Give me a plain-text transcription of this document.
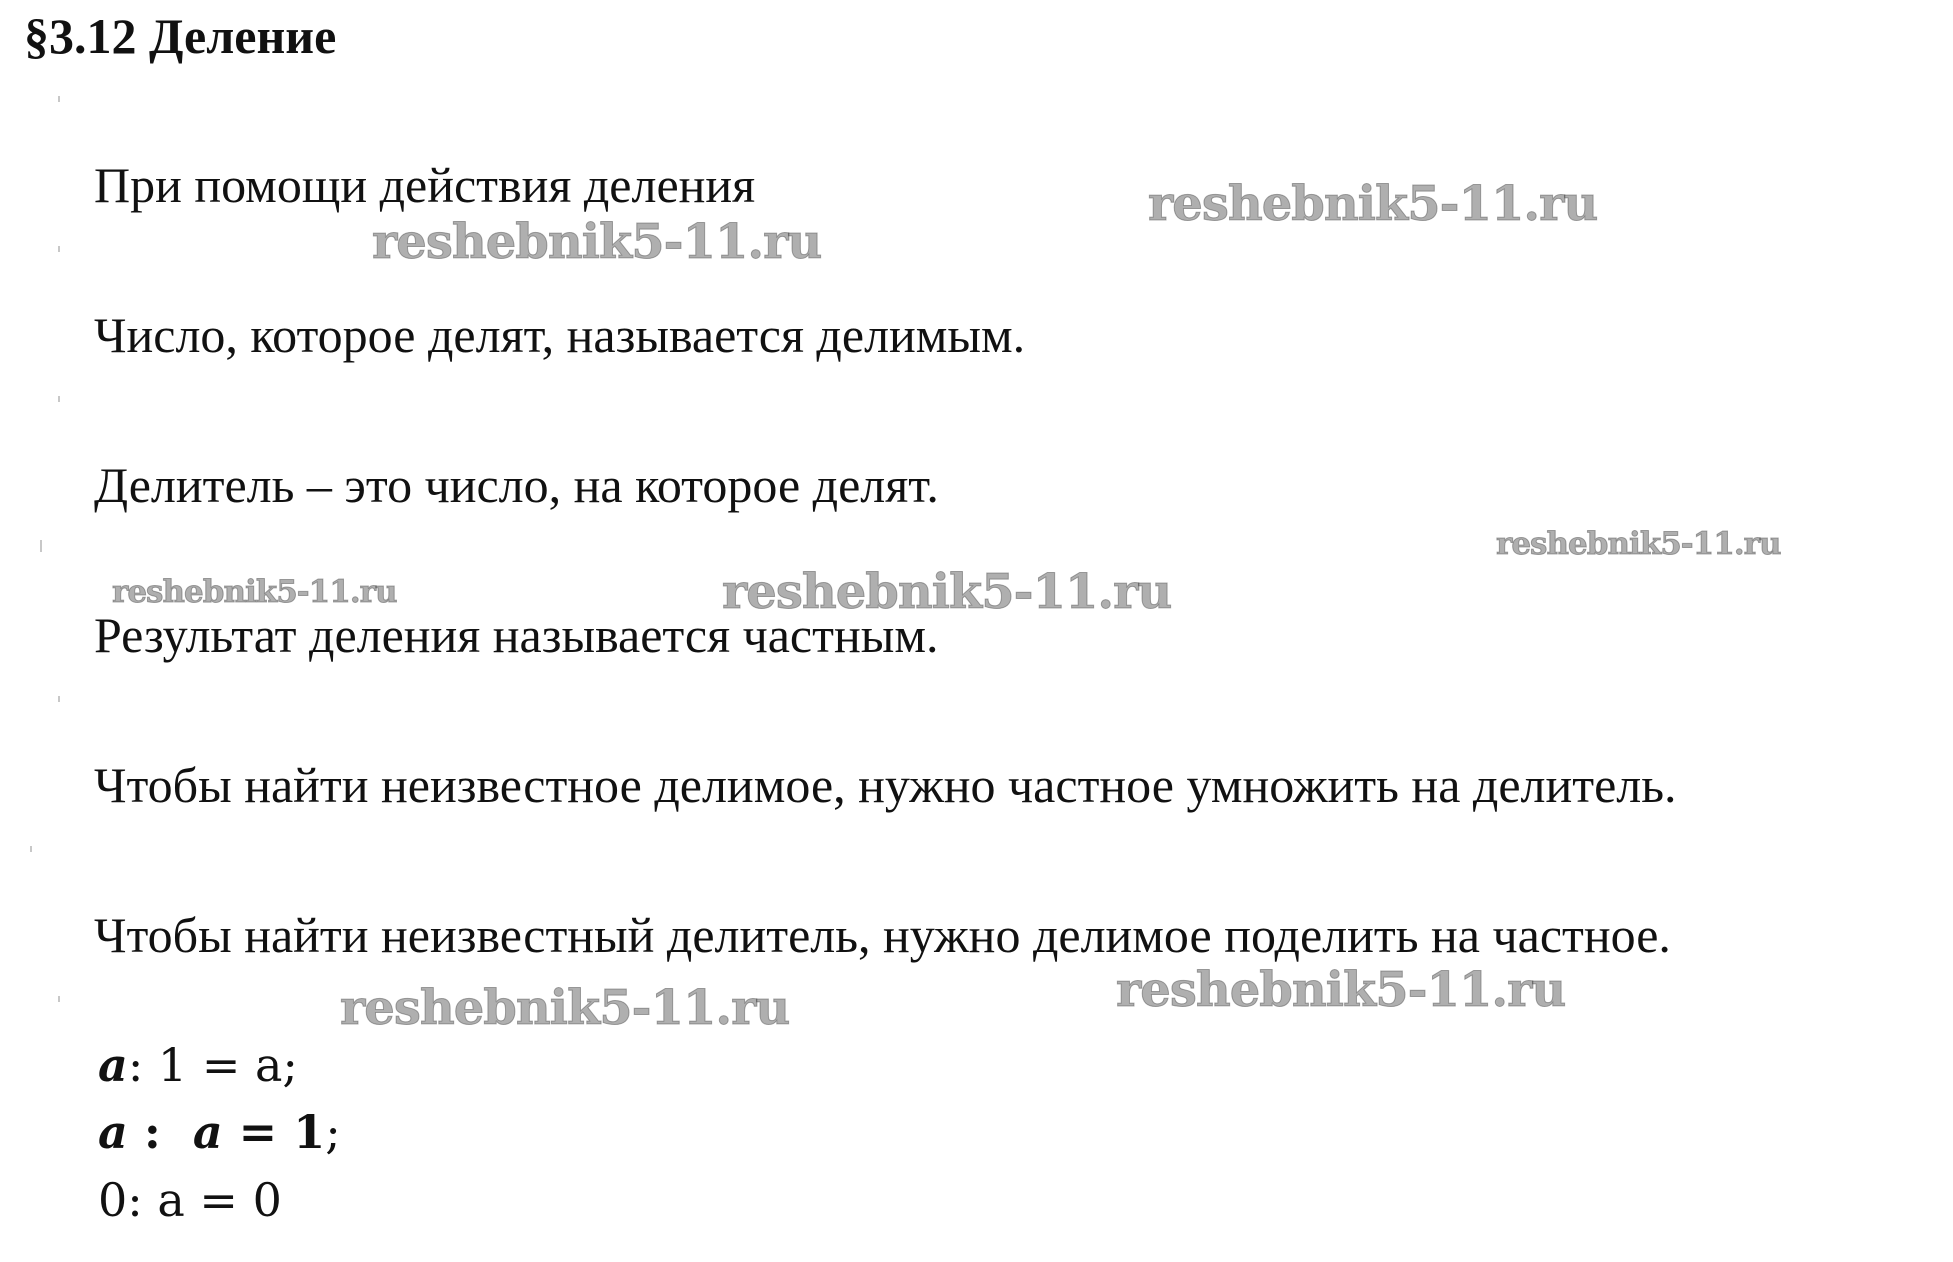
§3.12 Деление
При помощи действия деления
Число, которое делят, называется делимым.
Делитель – это число, на которое делят.
Результат деления называется частным.
Чтобы найти неизвестное делимое, нужно частное умножить на делитель.
Чтобы найти неизвестный делитель, нужно делимое поделить на частное.
a: 1 = a;
a :  a = 1;
0: a = 0
reshebnik5-11.ru
reshebnik5-11.ru
reshebnik5-11.ru
reshebnik5-11.ru	reshebnik5-11.ru
reshebnik5-11.ru
reshebnik5-11.ru
